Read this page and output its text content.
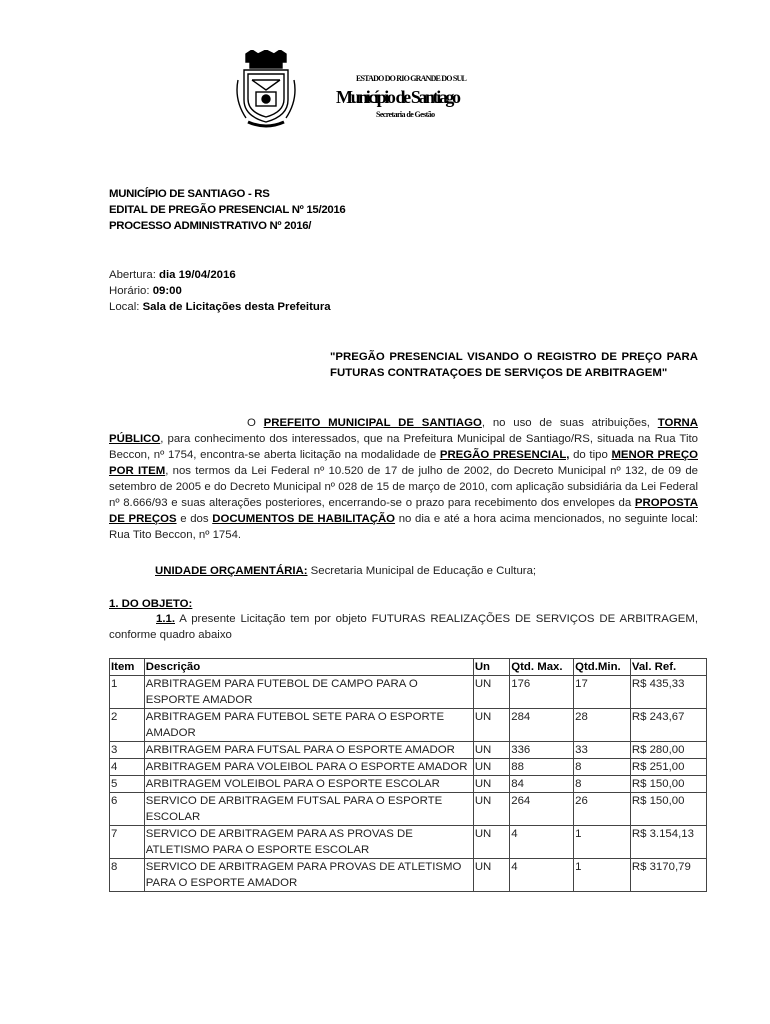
ESTADO DO RIO GRANDE DO SUL
Município de Santiago
Secretaria de Gestão
MUNICÍPIO DE SANTIAGO - RS
EDITAL DE PREGÃO PRESENCIAL Nº 15/2016
PROCESSO ADMINISTRATIVO Nº 2016/
Abertura: dia 19/04/2016
Horário: 09:00
Local: Sala de Licitações desta Prefeitura
"PREGÃO PRESENCIAL VISANDO O REGISTRO DE PREÇO PARA FUTURAS CONTRATAÇOES DE SERVIÇOS DE ARBITRAGEM"
O PREFEITO MUNICIPAL DE SANTIAGO, no uso de suas atribuições, TORNA PÚBLICO, para conhecimento dos interessados, que na Prefeitura Municipal de Santiago/RS, situada na Rua Tito Beccon, nº 1754, encontra-se aberta licitação na modalidade de PREGÃO PRESENCIAL, do tipo MENOR PREÇO POR ITEM, nos termos da Lei Federal nº 10.520 de 17 de julho de 2002, do Decreto Municipal nº 132, de 09 de setembro de 2005 e do Decreto Municipal nº 028 de 15 de março de 2010, com aplicação subsidiária da Lei Federal nº 8.666/93 e suas alterações posteriores, encerrando-se o prazo para recebimento dos envelopes da PROPOSTA DE PREÇOS e dos DOCUMENTOS DE HABILITAÇÃO no dia e até a hora acima mencionados, no seguinte local: Rua Tito Beccon, nº 1754.
UNIDADE ORÇAMENTÁRIA: Secretaria Municipal de Educação e Cultura;
1. DO OBJETO:
1.1. A presente Licitação tem por objeto FUTURAS REALIZAÇÕES DE SERVIÇOS DE ARBITRAGEM, conforme quadro abaixo
Item	Descrição	Un	Qtd. Max.	Qtd.Min.	Val. Ref.
1	ARBITRAGEM PARA FUTEBOL DE CAMPO PARA O ESPORTE AMADOR	UN	176	17	R$ 435,33
2	ARBITRAGEM PARA FUTEBOL SETE PARA O ESPORTE AMADOR	UN	284	28	R$ 243,67
3	ARBITRAGEM PARA FUTSAL PARA O ESPORTE AMADOR	UN	336	33	R$ 280,00
4	ARBITRAGEM PARA VOLEIBOL PARA O ESPORTE AMADOR	UN	88	8	R$ 251,00
5	ARBITRAGEM VOLEIBOL PARA O ESPORTE ESCOLAR	UN	84	8	R$ 150,00
6	SERVICO DE ARBITRAGEM FUTSAL PARA O ESPORTE ESCOLAR	UN	264	26	R$ 150,00
7	SERVICO DE ARBITRAGEM PARA AS PROVAS DE ATLETISMO PARA O ESPORTE ESCOLAR	UN	4	1	R$ 3.154,13
8	SERVICO DE ARBITRAGEM PARA PROVAS DE ATLETISMO PARA O ESPORTE AMADOR	UN	4	1	R$ 3170,79
